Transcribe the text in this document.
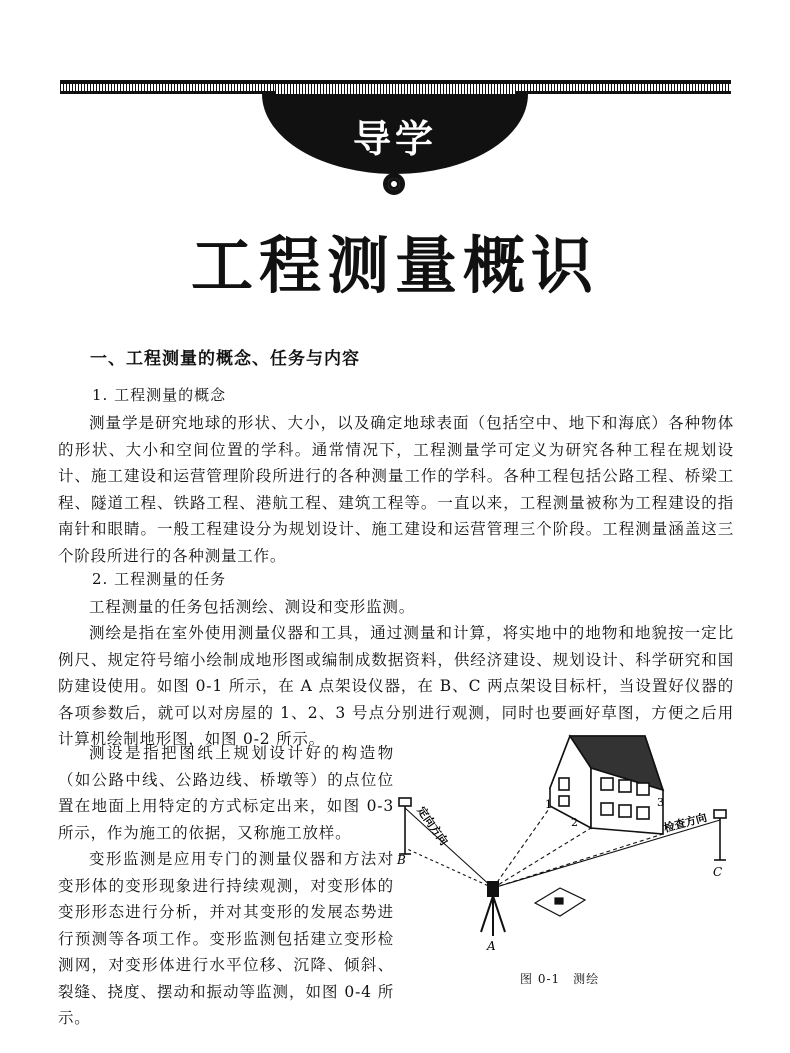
导学
工程测量概识
一、工程测量的概念、任务与内容
1. 工程测量的概念

测量学是研究地球的形状、大小，以及确定地球表面（包括空中、地下和海底）各种物体的形状、大小和空间位置的学科。通常情况下，工程测量学可定义为研究各种工程在规划设计、施工建设和运营管理阶段所进行的各种测量工作的学科。各种工程包括公路工程、桥梁工程、隧道工程、铁路工程、港航工程、建筑工程等。一直以来，工程测量被称为工程建设的指南针和眼睛。一般工程建设分为规划设计、施工建设和运营管理三个阶段。工程测量涵盖这三个阶段所进行的各种测量工作。

2. 工程测量的任务

工程测量的任务包括测绘、测设和变形监测。

测绘是指在室外使用测量仪器和工具，通过测量和计算，将实地中的地物和地貌按一定比例尺、规定符号缩小绘制成地形图或编制成数据资料，供经济建设、规划设计、科学研究和国防建设使用。如图 0-1 所示，在 A 点架设仪器，在 B、C 两点架设目标杆，当设置好仪器的各项参数后，就可以对房屋的 1、2、3 号点分别进行观测，同时也要画好草图，方便之后用计算机绘制地形图，如图 0-2 所示。

测设是指把图纸上规划设计好的构造物（如公路中线、公路边线、桥墩等）的点位位置在地面上用特定的方式标定出来，如图 0-3 所示，作为施工的依据，又称施工放样。

变形监测是应用专门的测量仪器和方法对变形体的变形现象进行持续观测，对变形体的变形形态进行分析，并对其变形的发展态势进行预测等各项工作。变形监测包括建立变形检测网，对变形体进行水平位移、沉降、倾斜、裂缝、挠度、摆动和振动等监测，如图 0-4 所示。

定向方向	检查方向
A
B
C
1
2
3
图 0-1　测绘
